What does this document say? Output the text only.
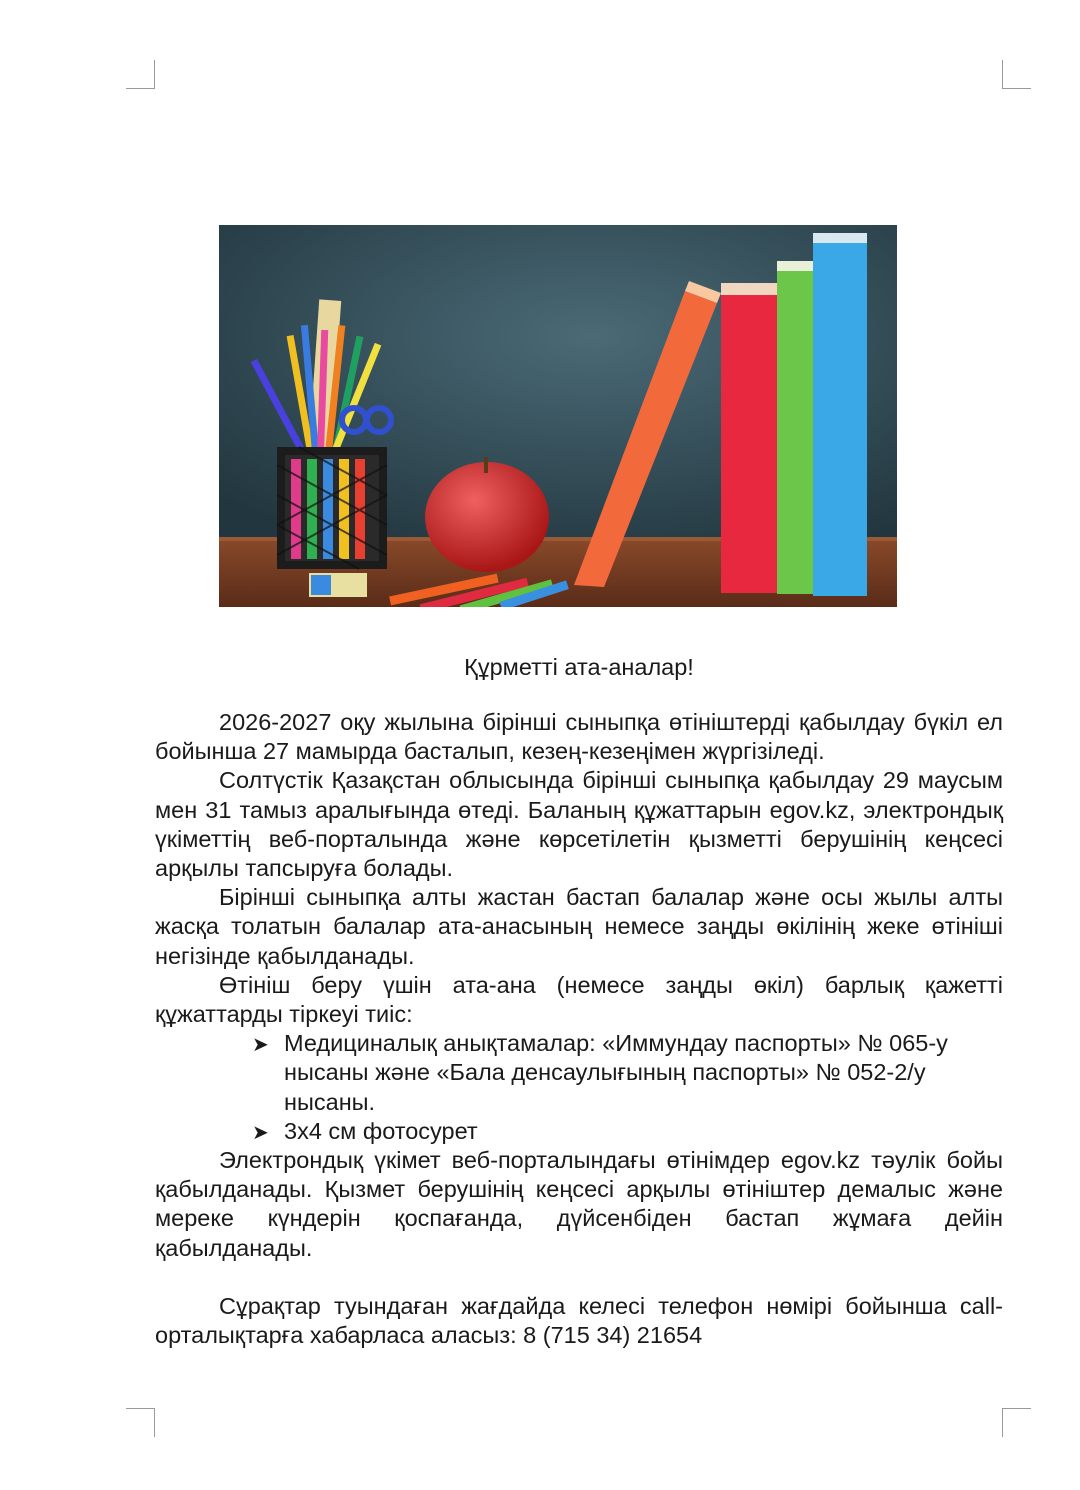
Құрметті ата-аналар!

2026-2027 оқу жылына бірінші сыныпқа өтініштерді қабылдау бүкіл ел бойынша 27 мамырда басталып, кезең-кезеңімен жүргізіледі.

Солтүстік Қазақстан облысында бірінші сыныпқа қабылдау 29 маусым мен 31 тамыз аралығында өтеді. Баланың құжаттарын egov.kz, электрондық үкіметтің веб-порталында және көрсетілетін қызметті берушінің кеңсесі арқылы тапсыруға болады.

Бірінші сыныпқа алты жастан бастап балалар және осы жылы алты жасқа толатын балалар ата-анасының немесе заңды өкілінің жеке өтініші негізінде қабылданады.

Өтініш беру үшін ата-ана (немесе заңды өкіл) барлық қажетті құжаттарды тіркеуі тиіс:

➤ Медициналық анықтамалар: «Иммундау паспорты» № 065-у нысаны және «Бала денсаулығының паспорты» № 052-2/у нысаны.
➤ 3x4 см фотосурет

Электрондық үкімет веб-порталындағы өтінімдер egov.kz тәулік бойы қабылданады. Қызмет берушінің кеңсесі арқылы өтініштер демалыс және мереке күндерін қоспағанда, дүйсенбіден бастап жұмаға дейін қабылданады.

Сұрақтар туындаған жағдайда келесі телефон нөмірі бойынша call-орталықтарға хабарласа аласыз: 8 (715 34) 21654
